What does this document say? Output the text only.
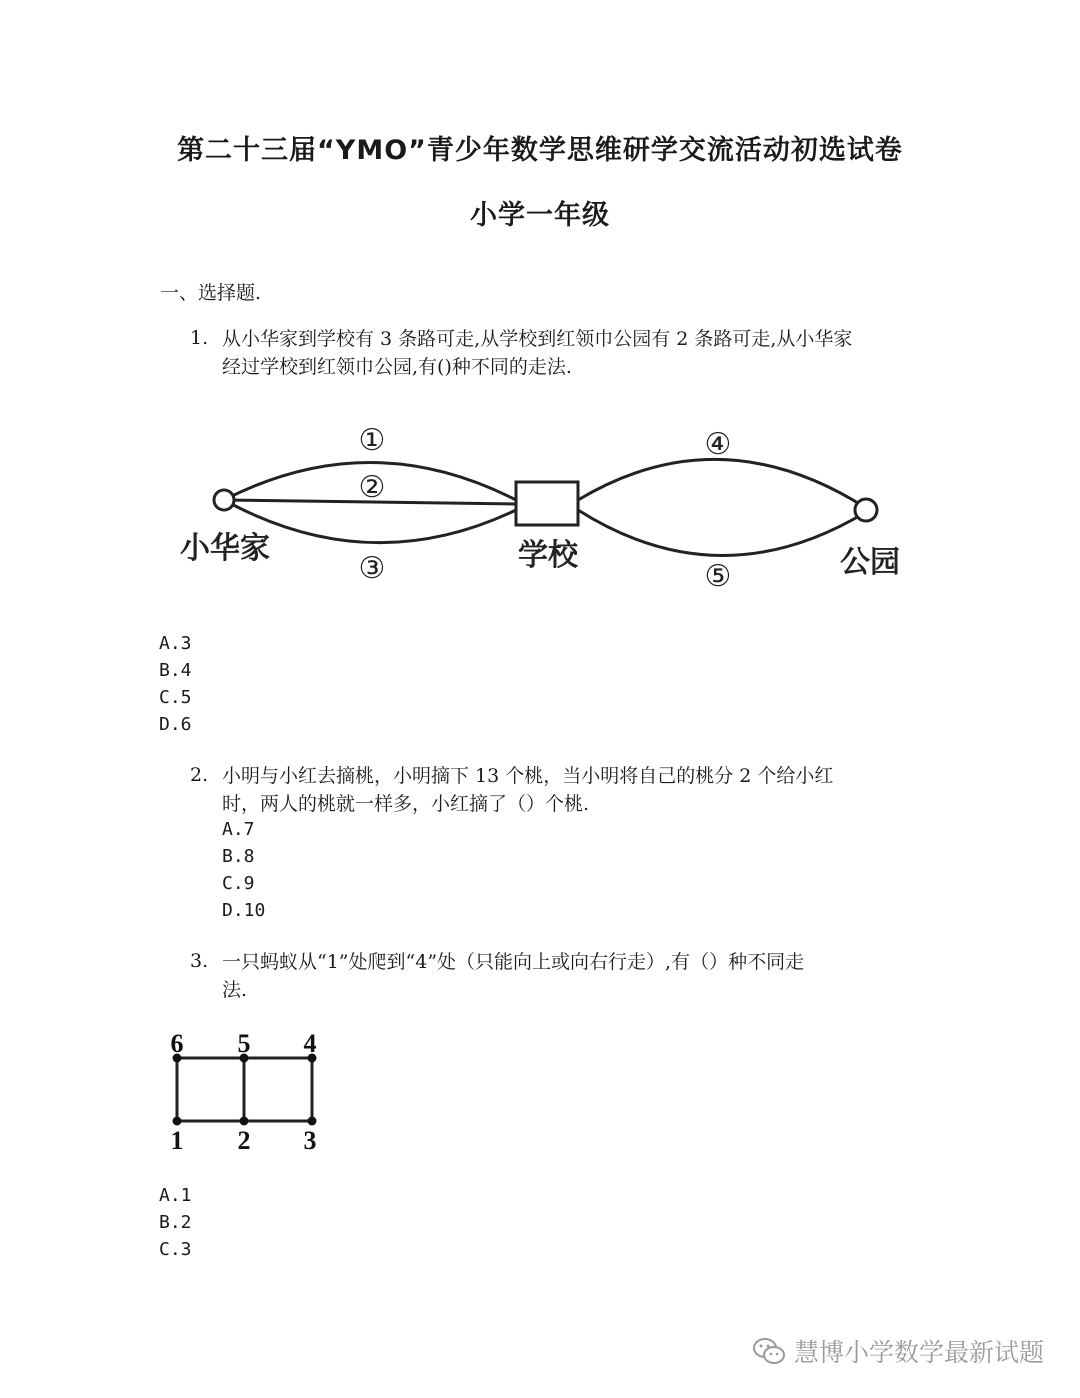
第二十三届“YMO”青少年数学思维研学交流活动初选试卷
小学一年级
一、选择题.
1. 从小华家到学校有 3 条路可走,从学校到红领巾公园有 2 条路可走,从小华家
经过学校到红领巾公园,有()种不同的走法.
①
②
③
④
⑤
小华家	学校	公园
A.3
B.4
C.5
D.6
2. 小明与小红去摘桃，小明摘下 13 个桃，当小明将自己的桃分 2 个给小红
时，两人的桃就一样多，小红摘了（）个桃.
A.7
B.8
C.9
D.10
3. 一只蚂蚁从“1”处爬到“4”处（只能向上或向右行走）,有（）种不同走
法.
6 5 4
1 2 3
A.1
B.2
C.3
慧博小学数学最新试题
